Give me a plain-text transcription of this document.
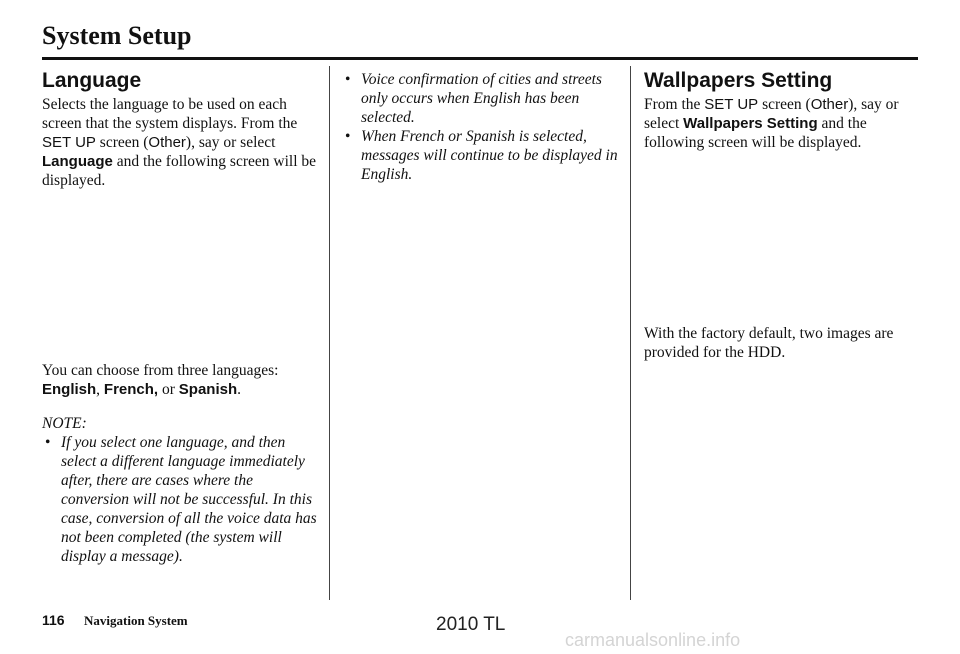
System Setup
Language

Selects the language to be used on each screen that the system displays. From the SET UP screen (Other), say or select Language and the following screen will be displayed.

You can choose from three languages:

English, French, or Spanish.

NOTE:
• If you select one language, and then select a different language immediately after, there are cases where the conversion will not be successful. In this case, conversion of all the voice data has not been completed (the system will display a message).
• Voice confirmation of cities and streets only occurs when English has been selected.
• When French or Spanish is selected, messages will continue to be displayed in English.
Wallpapers Setting

From the SET UP screen (Other), say or select Wallpapers Setting and the following screen will be displayed.

With the factory default, two images are provided for the HDD.
116 Navigation System	2010 TL
carmanualsonline.info
